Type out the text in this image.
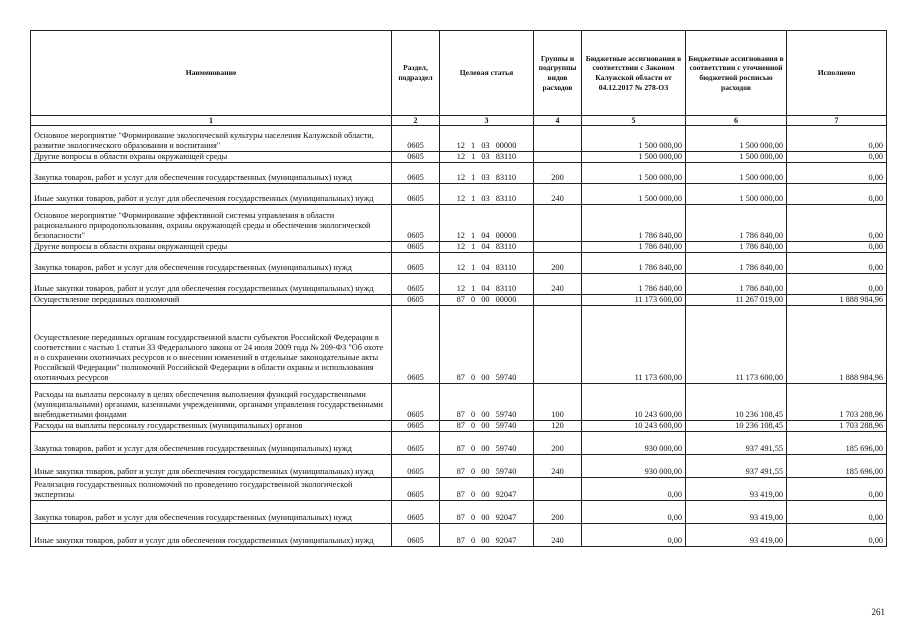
Наименование	Раздел, подраздел	Целевая статья	Группы и подгруппы видов расходов	Бюджетные ассигнования в соответствии с Законом Калужской области от 04.12.2017 № 278-ОЗ	Бюджетные ассигнования в соответствии с уточненной бюджетной росписью расходов	Исполнено
1	2	3	4	5	6	7
Основное мероприятие "Формирование экологической культуры населения Калужской области, развитие экологического образования и воспитания"	0605	12 1 03 00000		1 500 000,00	1 500 000,00	0,00
Другие вопросы в области охраны окружающей среды	0605	12 1 03 83110		1 500 000,00	1 500 000,00	0,00
Закупка товаров, работ и услуг для обеспечения государственных (муниципальных) нужд	0605	12 1 03 83110	200	1 500 000,00	1 500 000,00	0,00
Иные закупки товаров, работ и услуг для обеспечения государственных (муниципальных) нужд	0605	12 1 03 83110	240	1 500 000,00	1 500 000,00	0,00
Основное мероприятие "Формирование эффективной системы управления в области рационального природопользования, охраны окружающей среды и обеспечения экологической безопасности"	0605	12 1 04 00000		1 786 840,00	1 786 840,00	0,00
Другие вопросы в области охраны окружающей среды	0605	12 1 04 83110		1 786 840,00	1 786 840,00	0,00
Закупка товаров, работ и услуг для обеспечения государственных (муниципальных) нужд	0605	12 1 04 83110	200	1 786 840,00	1 786 840,00	0,00
Иные закупки товаров, работ и услуг для обеспечения государственных (муниципальных) нужд	0605	12 1 04 83110	240	1 786 840,00	1 786 840,00	0,00
Осуществление переданных полномочий	0605	87 0 00 00000		11 173 600,00	11 267 019,00	1 888 984,96
Осуществление переданных органам государственной власти субъектов Российской Федерации в соответствии с частью 1 статьи 33 Федерального закона от 24 июля 2009 года № 209-ФЗ "Об охоте и о сохранении охотничьих ресурсов и о внесении изменений в отдельные законодательные акты Российской Федерации" полномочий Российской Федерации в области охраны и использования охотничьих ресурсов	0605	87 0 00 59740		11 173 600,00	11 173 600,00	1 888 984,96
Расходы на выплаты персоналу в целях обеспечения выполнения функций государственными (муниципальными) органами, казенными учреждениями, органами управления государственными внебюджетными фондами	0605	87 0 00 59740	100	10 243 600,00	10 236 108,45	1 703 288,96
Расходы на выплаты персоналу государственных (муниципальных) органов	0605	87 0 00 59740	120	10 243 600,00	10 236 108,45	1 703 288,96
Закупка товаров, работ и услуг для обеспечения государственных (муниципальных) нужд	0605	87 0 00 59740	200	930 000,00	937 491,55	185 696,00
Иные закупки товаров, работ и услуг для обеспечения государственных (муниципальных) нужд	0605	87 0 00 59740	240	930 000,00	937 491,55	185 696,00
Реализация государственных полномочий по проведению государственной экологической экспертизы	0605	87 0 00 92047		0,00	93 419,00	0,00
Закупка товаров, работ и услуг для обеспечения государственных (муниципальных) нужд	0605	87 0 00 92047	200	0,00	93 419,00	0,00
Иные закупки товаров, работ и услуг для обеспечения государственных (муниципальных) нужд	0605	87 0 00 92047	240	0,00	93 419,00	0,00
261
